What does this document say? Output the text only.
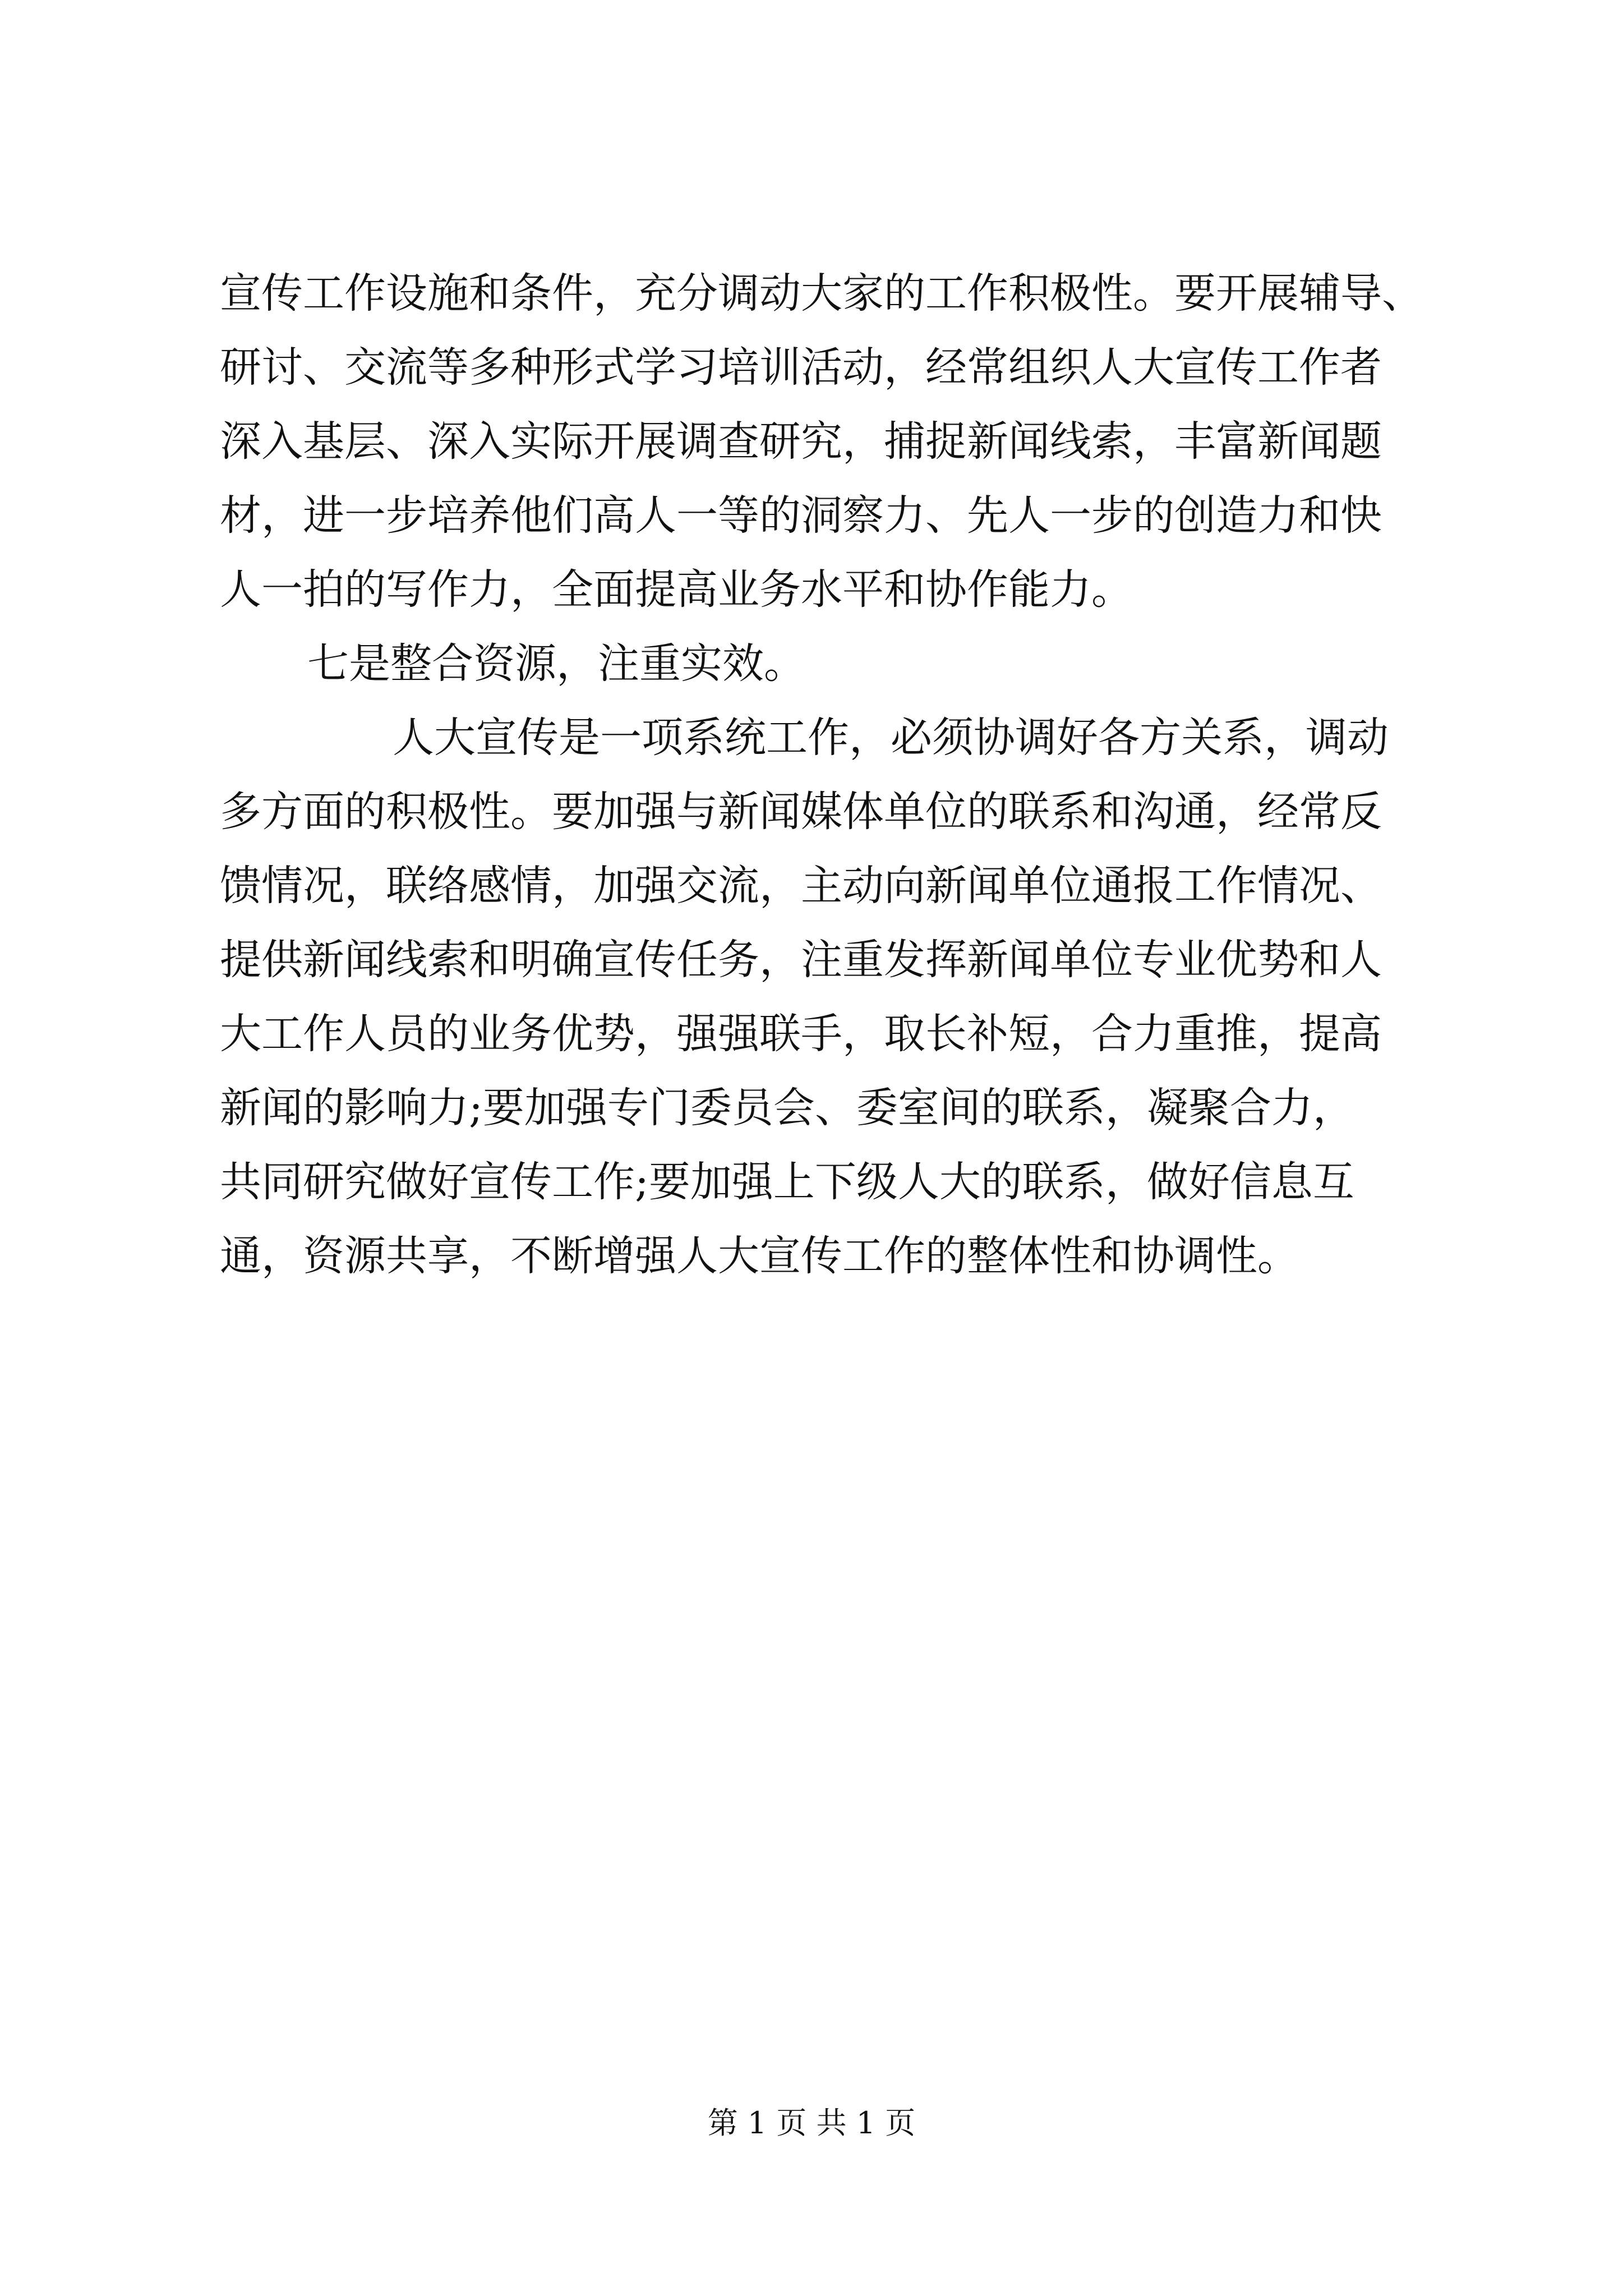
宣传工作设施和条件，充分调动大家的工作积极性。要开展辅导、

研讨、交流等多种形式学习培训活动，经常组织人大宣传工作者

深入基层、深入实际开展调查研究，捕捉新闻线索，丰富新闻题

材，进一步培养他们高人一等的洞察力、先人一步的创造力和快

人一拍的写作力，全面提高业务水平和协作能力。

七是整合资源，注重实效。

人大宣传是一项系统工作，必须协调好各方关系，调动

多方面的积极性。要加强与新闻媒体单位的联系和沟通，经常反

馈情况，联络感情，加强交流，主动向新闻单位通报工作情况、

提供新闻线索和明确宣传任务，注重发挥新闻单位专业优势和人

大工作人员的业务优势，强强联手，取长补短，合力重推，提高

新闻的影响力;要加强专门委员会、委室间的联系，凝聚合力，

共同研究做好宣传工作;要加强上下级人大的联系，做好信息互

通，资源共享，不断增强人大宣传工作的整体性和协调性。

第 1 页 共 1 页
